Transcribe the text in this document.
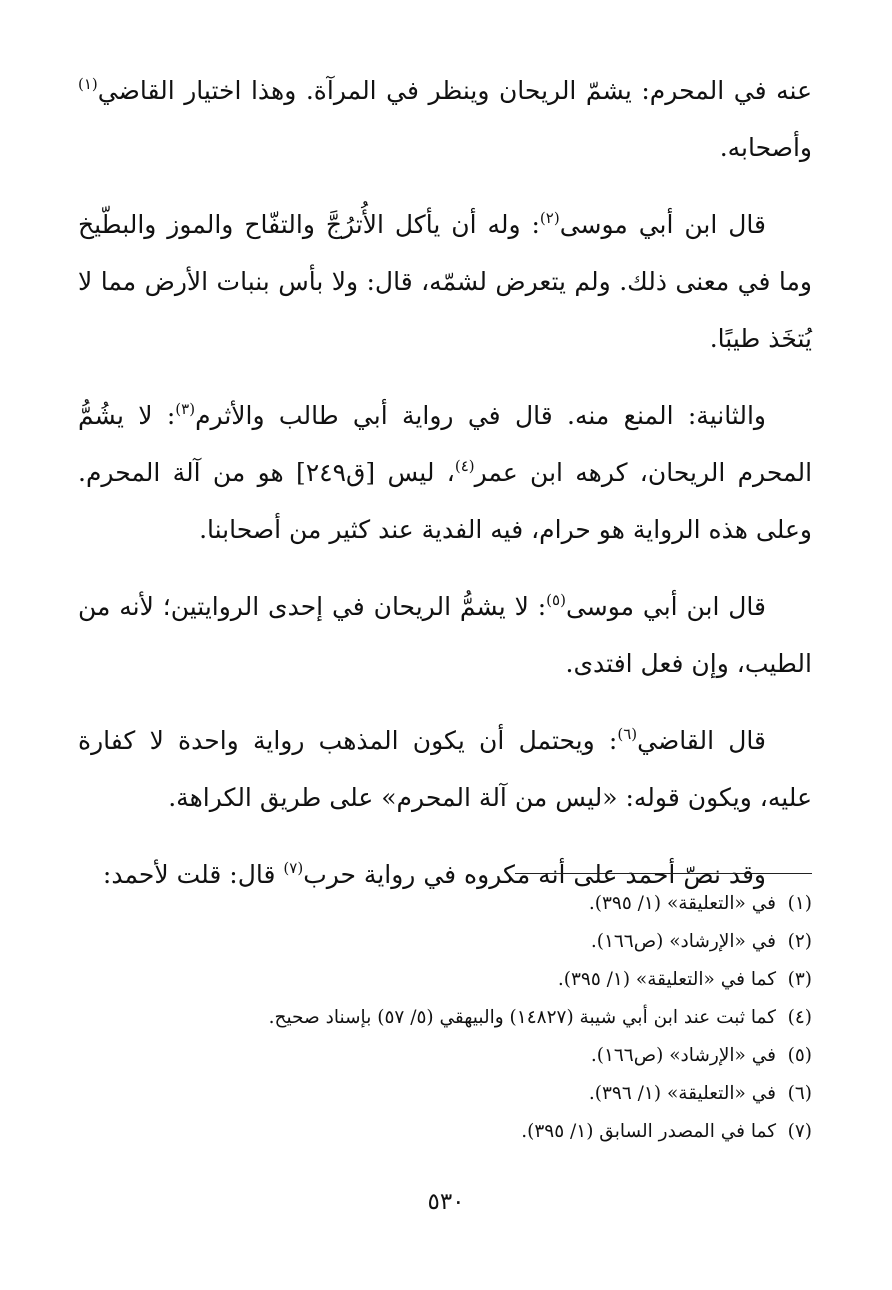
عنه في المحرم: يشمّ الريحان وينظر في المرآة. وهذا اختيار القاضي$^{(١)}$ وأصحابه.

قال ابن أبي موسى$^{(٢)}$: وله أن يأكل الأُترُجَّ والتفّاح والموز والبطّيخ وما في معنى ذلك. ولم يتعرض لشمّه، قال: ولا بأس بنبات الأرض مما لا يُتخَذ طيبًا.

والثانية: المنع منه. قال في رواية أبي طالب والأثرم$^{(٣)}$: لا يشُمُّ المحرم الريحان، كرهه ابن عمر$^{(٤)}$، ليس [ق٢٤٩] هو من آلة المحرم. وعلى هذه الرواية هو حرام، فيه الفدية عند كثير من أصحابنا.

قال ابن أبي موسى$^{(٥)}$: لا يشمُّ الريحان في إحدى الروايتين؛ لأنه من الطيب، وإن فعل افتدى.

قال القاضي$^{(٦)}$: ويحتمل أن يكون المذهب رواية واحدة لا كفارة عليه، ويكون قوله: «ليس من آلة المحرم» على طريق الكراهة.

وقد نصّ أحمد على أنه مكروه في رواية حرب$^{(٧)}$ قال: قلت لأحمد:

(١)في «التعليقة» (١/ ٣٩٥).
(٢)في «الإرشاد» (ص١٦٦).
(٣)كما في «التعليقة» (١/ ٣٩٥).
(٤)كما ثبت عند ابن أبي شيبة (١٤٨٢٧) والبيهقي (٥/ ٥٧) بإسناد صحيح.
(٥)في «الإرشاد» (ص١٦٦).
(٦)في «التعليقة» (١/ ٣٩٦).
(٧)كما في المصدر السابق (١/ ٣٩٥).
٥٣٠
